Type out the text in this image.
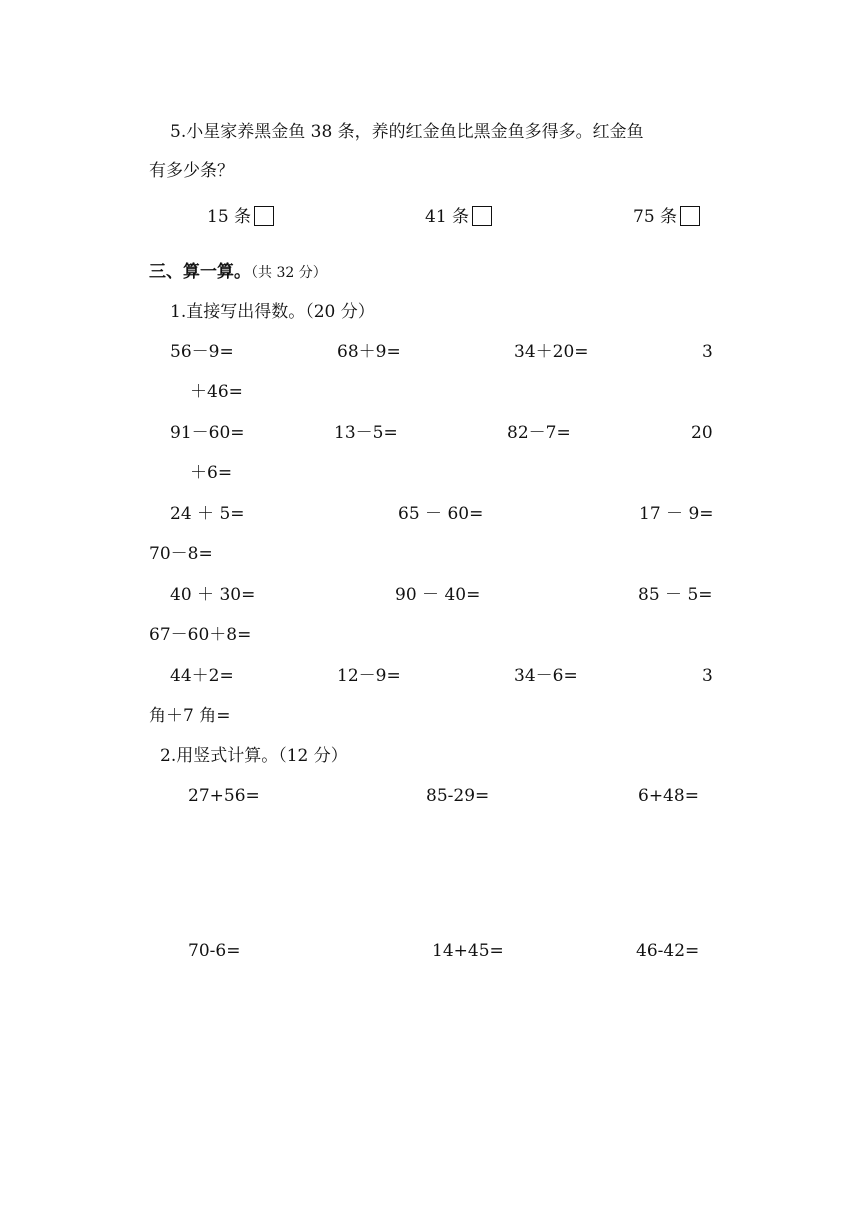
5.小星家养黑金鱼 38 条，养的红金鱼比黑金鱼多得多。红金鱼
有多少条？
15 条	41 条	75 条
三、算一算。（共 32 分）
1.直接写出得数。（20 分）
56－9=	68＋9=	34＋20=	3
＋46=
91－60=	13－5=	82－7=	20
＋6=
24 ＋ 5=	65 － 60=	17 － 9=
70－8=
40 ＋ 30=	90 － 40=	85 － 5=
67－60＋8=
44＋2=	12－9=	34－6=	3
角＋7 角=
2.用竖式计算。（12 分）
27+56=	85-29=	6+48=
70-6=	14+45=	46-42=
